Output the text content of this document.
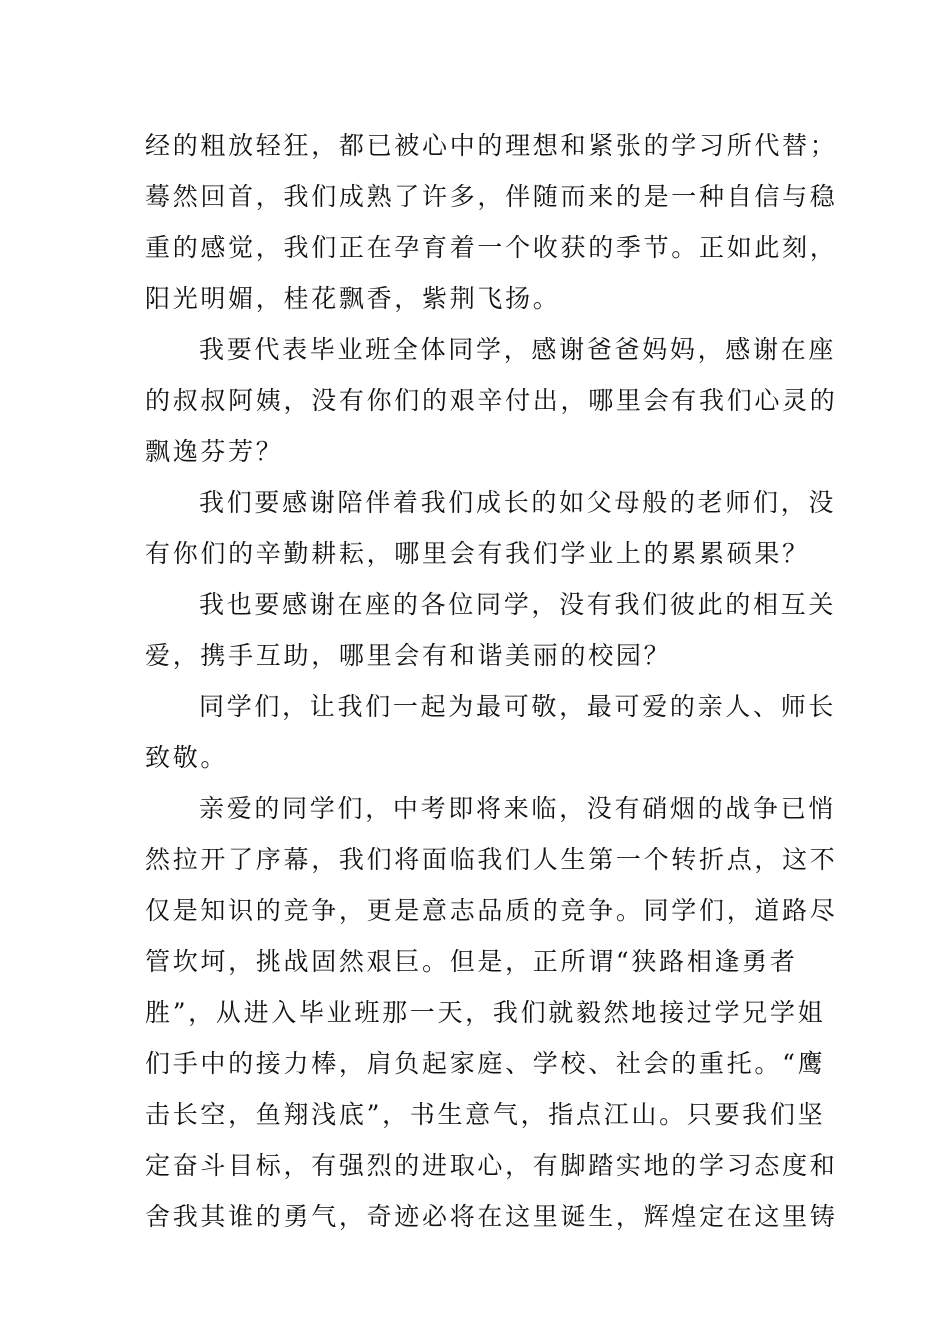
经的粗放轻狂，都已被心中的理想和紧张的学习所代替；
蓦然回首，我们成熟了许多，伴随而来的是一种自信与稳
重的感觉，我们正在孕育着一个收获的季节。正如此刻，
阳光明媚，桂花飘香，紫荆飞扬。
我要代表毕业班全体同学，感谢爸爸妈妈，感谢在座
的叔叔阿姨，没有你们的艰辛付出，哪里会有我们心灵的
飘逸芬芳？
我们要感谢陪伴着我们成长的如父母般的老师们，没
有你们的辛勤耕耘，哪里会有我们学业上的累累硕果？
我也要感谢在座的各位同学，没有我们彼此的相互关
爱，携手互助，哪里会有和谐美丽的校园？
同学们，让我们一起为最可敬，最可爱的亲人、师长
致敬。
亲爱的同学们，中考即将来临，没有硝烟的战争已悄
然拉开了序幕，我们将面临我们人生第一个转折点，这不
仅是知识的竞争，更是意志品质的竞争。同学们，道路尽
管坎坷，挑战固然艰巨。但是，正所谓“狭路相逢勇者
胜”，从进入毕业班那一天，我们就毅然地接过学兄学姐
们手中的接力棒，肩负起家庭、学校、社会的重托。“鹰
击长空，鱼翔浅底”，书生意气，指点江山。只要我们坚
定奋斗目标，有强烈的进取心，有脚踏实地的学习态度和
舍我其谁的勇气，奇迹必将在这里诞生，辉煌定在这里铸
